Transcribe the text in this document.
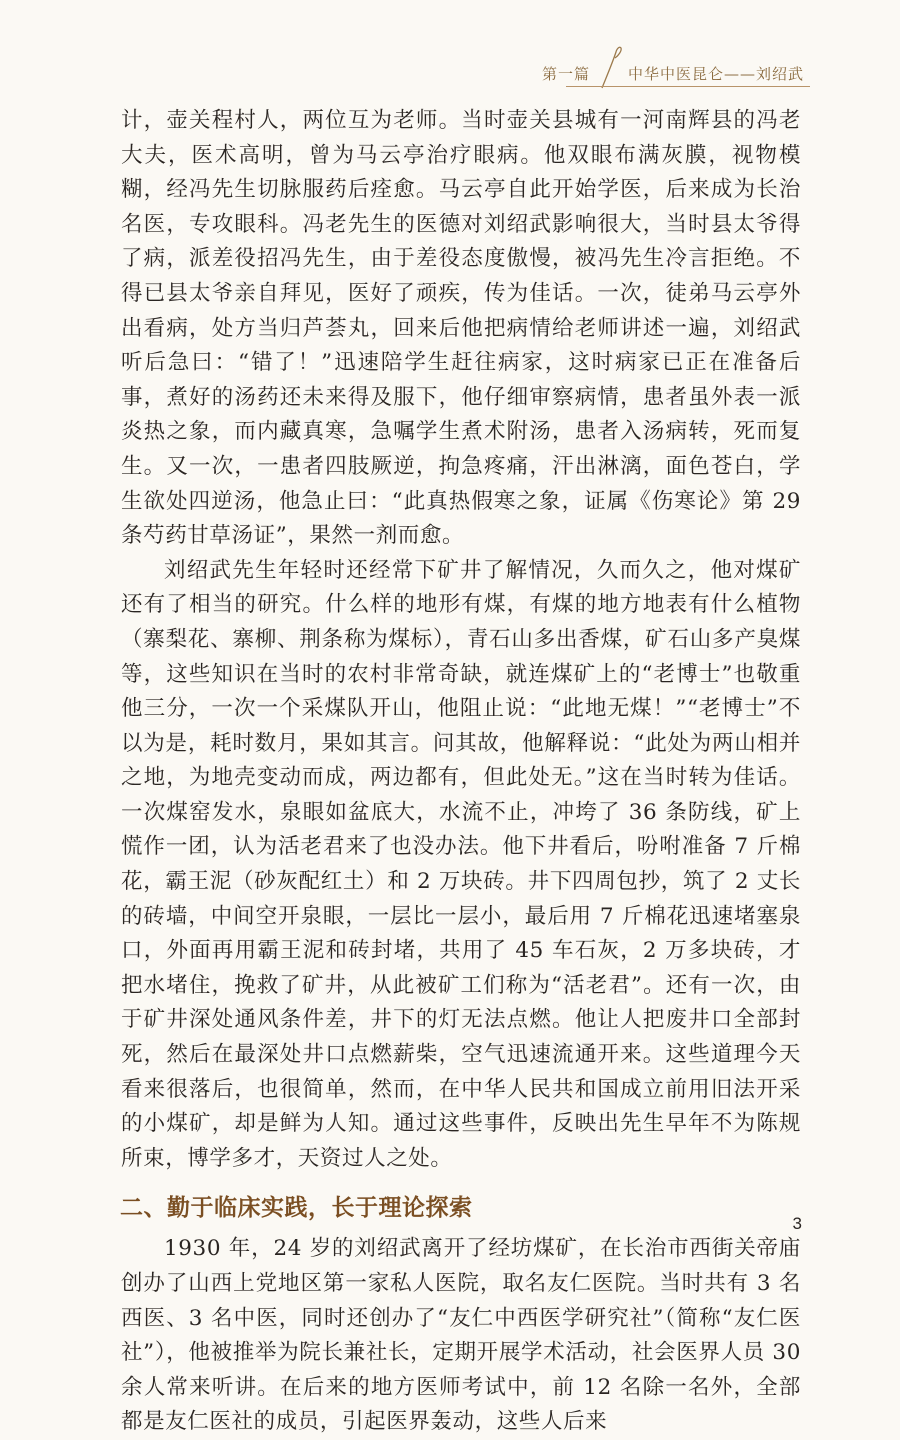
第一篇	中华中医昆仑——刘绍武

计，壶关程村人，两位互为老师。当时壶关县城有一河南辉县的冯老大夫，医术高明，曾为马云亭治疗眼病。他双眼布满灰膜，视物模糊，经冯先生切脉服药后痊愈。马云亭自此开始学医，后来成为长治名医，专攻眼科。冯老先生的医德对刘绍武影响很大，当时县太爷得了病，派差役招冯先生，由于差役态度傲慢，被冯先生冷言拒绝。不得已县太爷亲自拜见，医好了顽疾，传为佳话。一次，徒弟马云亭外出看病，处方当归芦荟丸，回来后他把病情给老师讲述一遍，刘绍武听后急曰：“错了！”迅速陪学生赶往病家，这时病家已正在准备后事，煮好的汤药还未来得及服下，他仔细审察病情，患者虽外表一派炎热之象，而内藏真寒，急嘱学生煮术附汤，患者入汤病转，死而复生。又一次，一患者四肢厥逆，拘急疼痛，汗出淋漓，面色苍白，学生欲处四逆汤，他急止曰：“此真热假寒之象，证属《伤寒论》第 29 条芍药甘草汤证”，果然一剂而愈。

刘绍武先生年轻时还经常下矿井了解情况，久而久之，他对煤矿还有了相当的研究。什么样的地形有煤，有煤的地方地表有什么植物（寨梨花、寨柳、荆条称为煤标），青石山多出香煤，矿石山多产臭煤等，这些知识在当时的农村非常奇缺，就连煤矿上的“老博士”也敬重他三分，一次一个采煤队开山，他阻止说：“此地无煤！”“老博士”不以为是，耗时数月，果如其言。问其故，他解释说：“此处为两山相并之地，为地壳变动而成，两边都有，但此处无。”这在当时转为佳话。一次煤窑发水，泉眼如盆底大，水流不止，冲垮了 36 条防线，矿上慌作一团，认为活老君来了也没办法。他下井看后，吩咐准备 7 斤棉花，霸王泥（砂灰配红土）和 2 万块砖。井下四周包抄，筑了 2 丈长的砖墙，中间空开泉眼，一层比一层小，最后用 7 斤棉花迅速堵塞泉口，外面再用霸王泥和砖封堵，共用了 45 车石灰，2 万多块砖，才把水堵住，挽救了矿井，从此被矿工们称为“活老君”。还有一次，由于矿井深处通风条件差，井下的灯无法点燃。他让人把废井口全部封死，然后在最深处井口点燃薪柴，空气迅速流通开来。这些道理今天看来很落后，也很简单，然而，在中华人民共和国成立前用旧法开采的小煤矿，却是鲜为人知。通过这些事件，反映出先生早年不为陈规所束，博学多才，天资过人之处。

二、勤于临床实践，长于理论探索

1930 年，24 岁的刘绍武离开了经坊煤矿，在长治市西街关帝庙创办了山西上党地区第一家私人医院，取名友仁医院。当时共有 3 名西医、3 名中医，同时还创办了“友仁中西医学研究社”（简称“友仁医社”），他被推举为院长兼社长，定期开展学术活动，社会医界人员 30 余人常来听讲。在后来的地方医师考试中，前 12 名除一名外，全部都是友仁医社的成员，引起医界轰动，这些人后来

3
